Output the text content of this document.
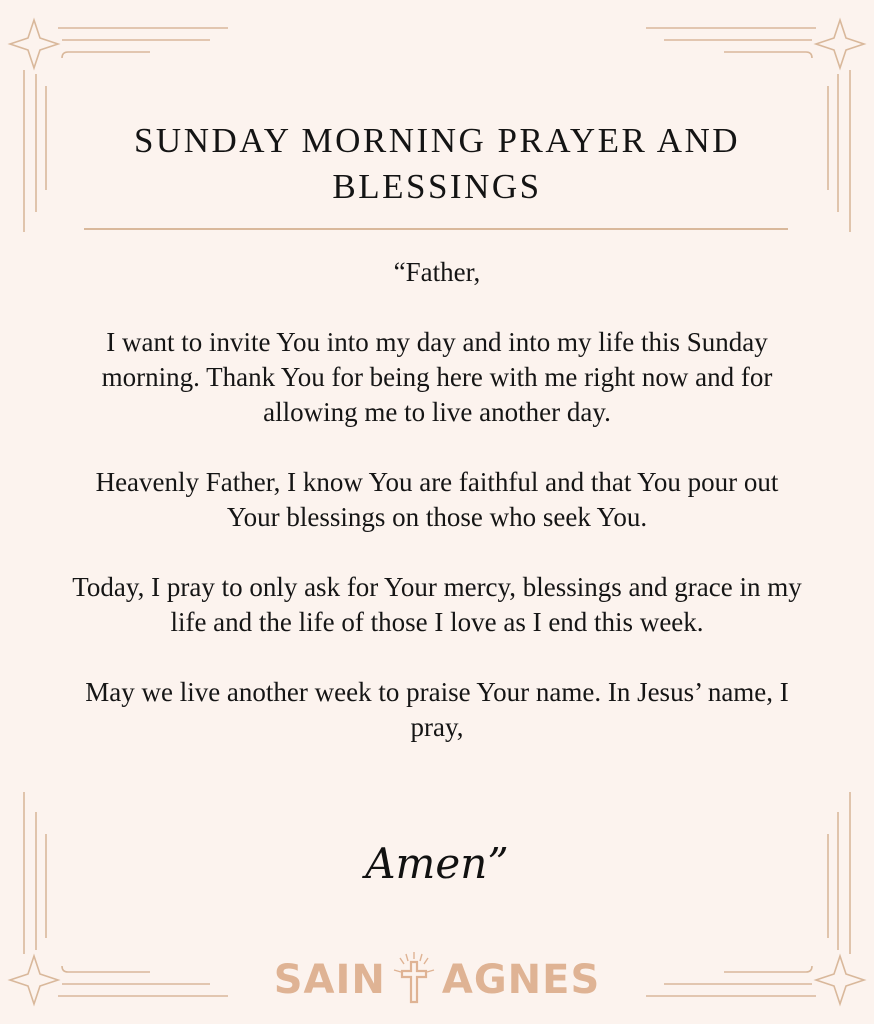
SUNDAY MORNING PRAYER AND BLESSINGS

“Father,

I want to invite You into my day and into my life this Sunday morning. Thank You for being here with me right now and for allowing me to live another day.

Heavenly Father, I know You are faithful and that You pour out Your blessings on those who seek You.

Today, I pray to only ask for Your mercy, blessings and grace in my life and the life of those I love as I end this week.

May we live another week to praise Your name. In Jesus’ name, I pray,

Amen”
SAIN AGNES
